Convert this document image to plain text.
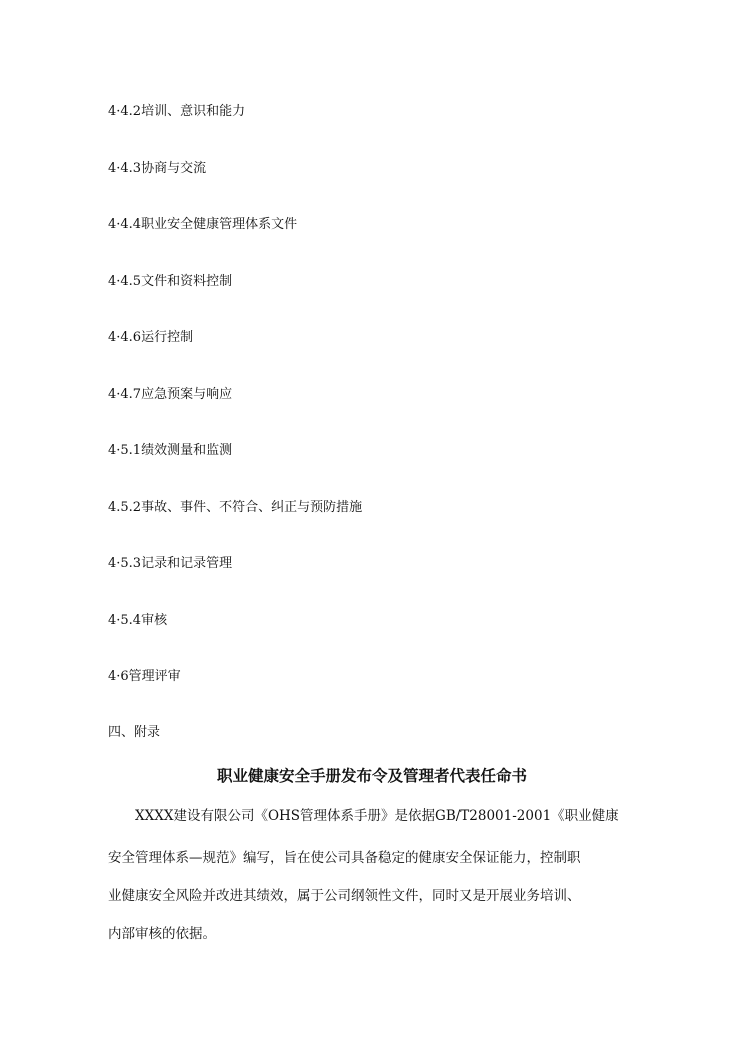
4·4.2培训、意识和能力
4·4.3协商与交流
4·4.4职业安全健康管理体系文件
4·4.5文件和资料控制
4·4.6运行控制
4·4.7应急预案与响应
4·5.1绩效测量和监测
4.5.2事故、事件、不符合、纠正与预防措施
4·5.3记录和记录管理
4·5.4审核
4·6管理评审
四、附录
职业健康安全手册发布令及管理者代表任命书
　　XXXX建设有限公司《OHS管理体系手册》是依据GB/T28001-2001《职业健康
安全管理体系—规范》编写，旨在使公司具备稳定的健康安全保证能力，控制职
业健康安全风险并改进其绩效，属于公司纲领性文件，同时又是开展业务培训、
内部审核的依据。
